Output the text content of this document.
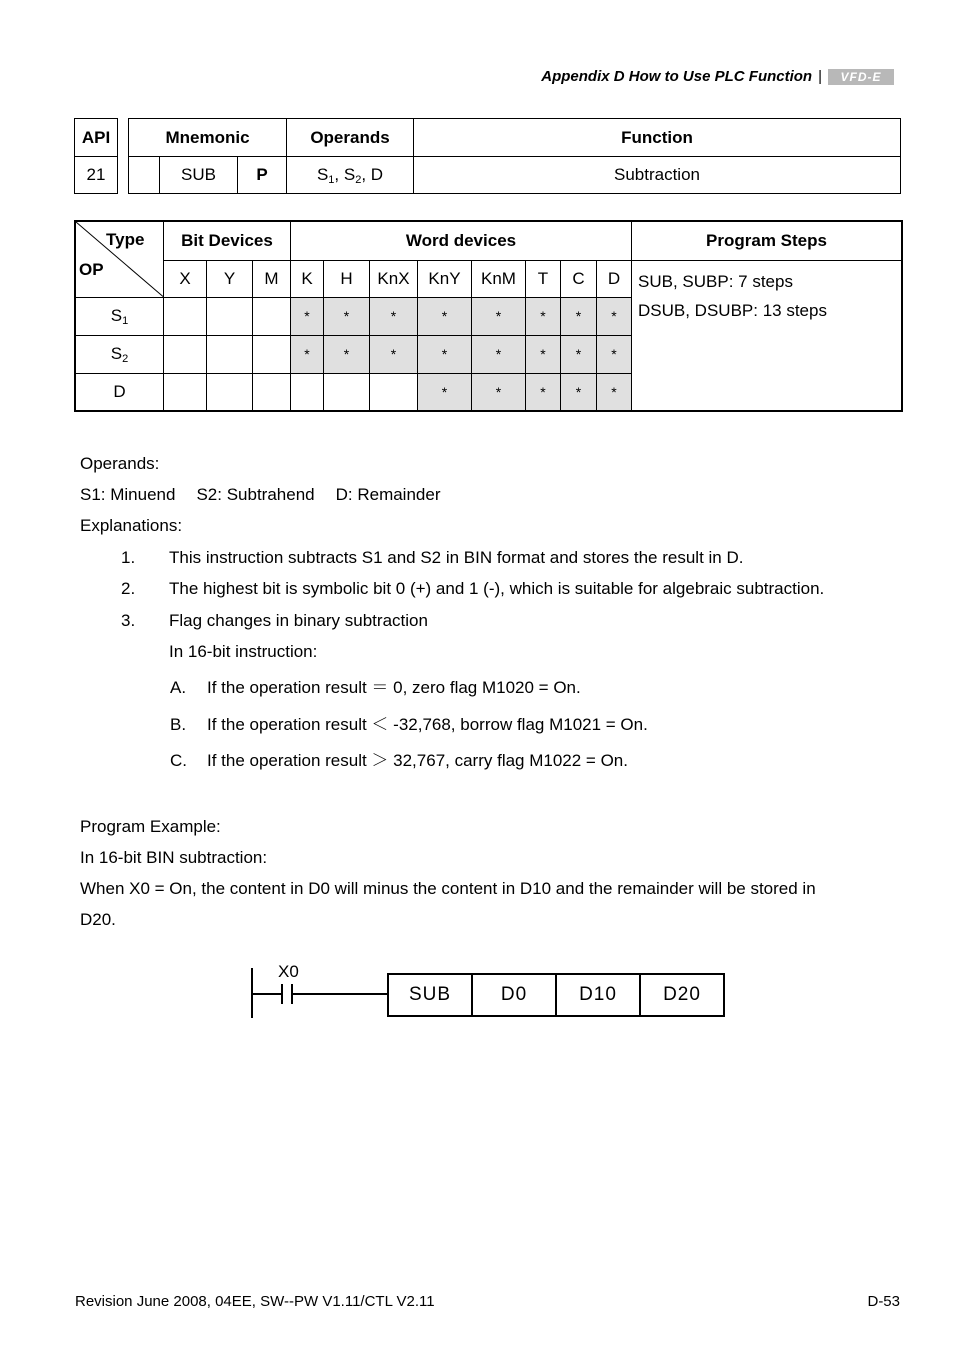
Appendix D How to Use PLC Function | VFD-E
API		Mnemonic			Operands	Function
21			SUB	P	$S_1$, $S_2$, D	Subtraction
Type
OP	Bit Devices			Word devices								Program Steps
	X	Y	M	K	H	KnX	KnY	KnM	T	C	D	SUB, SUBP: 7 steps
DSUB, DSUBP: 13 steps

$S_1$				*	*	*	*	*	*	*	*	
$S_2$				*	*	*	*	*	*	*	*	
D							*	*	*	*	*	
Operands:
S1: Minuend S2: Subtrahend D: Remainder
Explanations:
1. This instruction subtracts S1 and S2 in BIN format and stores the result in D.
2. The highest bit is symbolic bit 0 (+) and 1 (-), which is suitable for algebraic subtraction.
3. Flag changes in binary subtraction
In 16-bit instruction:
A. If the operation result ＝ 0, zero flag M1020 = On.
B. If the operation result ＜ -32,768, borrow flag M1021 = On.
C. If the operation result ＞ 32,767, carry flag M1022 = On.
Program Example:
In 16-bit BIN subtraction:
When X0 = On, the content in D0 will minus the content in D10 and the remainder will be stored in
D20.
X0
SUB	D0	D10	D20
Revision June 2008, 04EE, SW--PW V1.11/CTL V2.11	D-53
